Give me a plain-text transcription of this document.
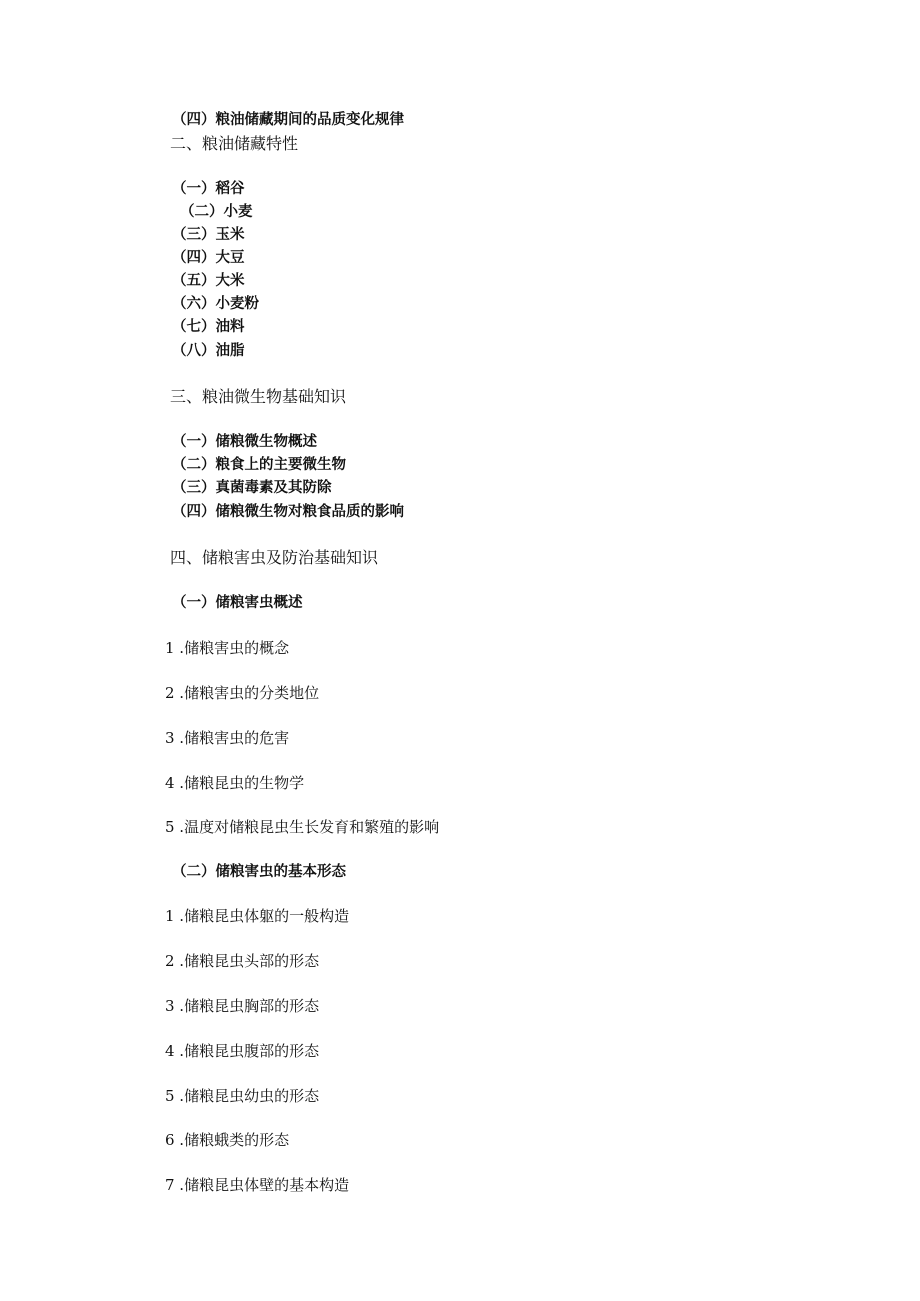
（四）粮油储藏期间的品质变化规律
二、粮油储藏特性
（一）稻谷
（二）小麦
（三）玉米
（四）大豆
（五）大米
（六）小麦粉
（七）油料
（八）油脂
三、粮油微生物基础知识
（一）储粮微生物概述
（二）粮食上的主要微生物
（三）真菌毒素及其防除
（四）储粮微生物对粮食品质的影响
四、储粮害虫及防治基础知识
（一）储粮害虫概述
1 .储粮害虫的概念
2 .储粮害虫的分类地位
3 .储粮害虫的危害
4 .储粮昆虫的生物学
5 .温度对储粮昆虫生长发育和繁殖的影响
（二）储粮害虫的基本形态
1 .储粮昆虫体躯的一般构造
2 .储粮昆虫头部的形态
3 .储粮昆虫胸部的形态
4 .储粮昆虫腹部的形态
5 .储粮昆虫幼虫的形态
6 .储粮蛾类的形态
7 .储粮昆虫体壁的基本构造
